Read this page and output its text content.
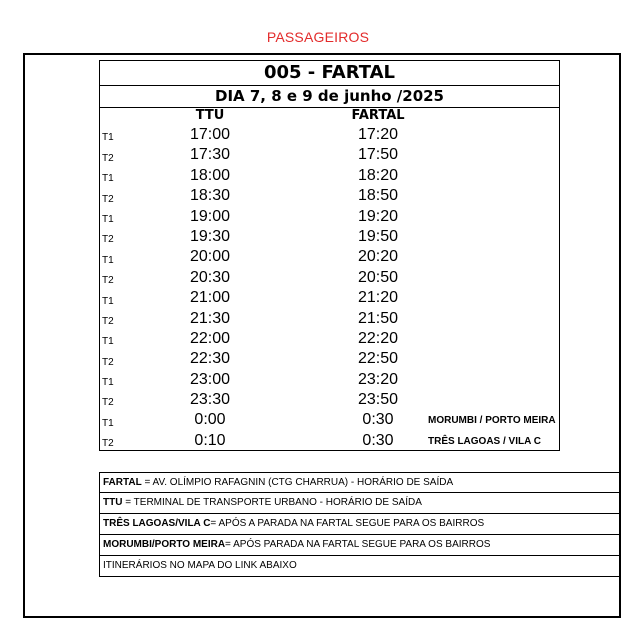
PASSAGEIROS
005 - FARTAL
DIA 7, 8 e 9 de junho /2025
TTU	FARTAL
T1	17:00	17:20
T2	17:30	17:50
T1	18:00	18:20
T2	18:30	18:50
T1	19:00	19:20
T2	19:30	19:50
T1	20:00	20:20
T2	20:30	20:50
T1	21:00	21:20
T2	21:30	21:50
T1	22:00	22:20
T2	22:30	22:50
T1	23:00	23:20
T2	23:30	23:50
T1	0:00	0:30	MORUMBI / PORTO MEIRA
T2	0:10	0:30	TRÊS LAGOAS / VILA C
FARTAL = AV. OLÍMPIO RAFAGNIN (CTG CHARRUA) - HORÁRIO DE SAÍDA
TTU = TERMINAL DE TRANSPORTE URBANO - HORÁRIO DE SAÍDA
TRÊS LAGOAS/VILA C= APÓS A PARADA NA FARTAL SEGUE PARA OS BAIRROS
MORUMBI/PORTO MEIRA= APÓS PARADA NA FARTAL SEGUE PARA OS BAIRROS
ITINERÁRIOS NO MAPA DO LINK ABAIXO
